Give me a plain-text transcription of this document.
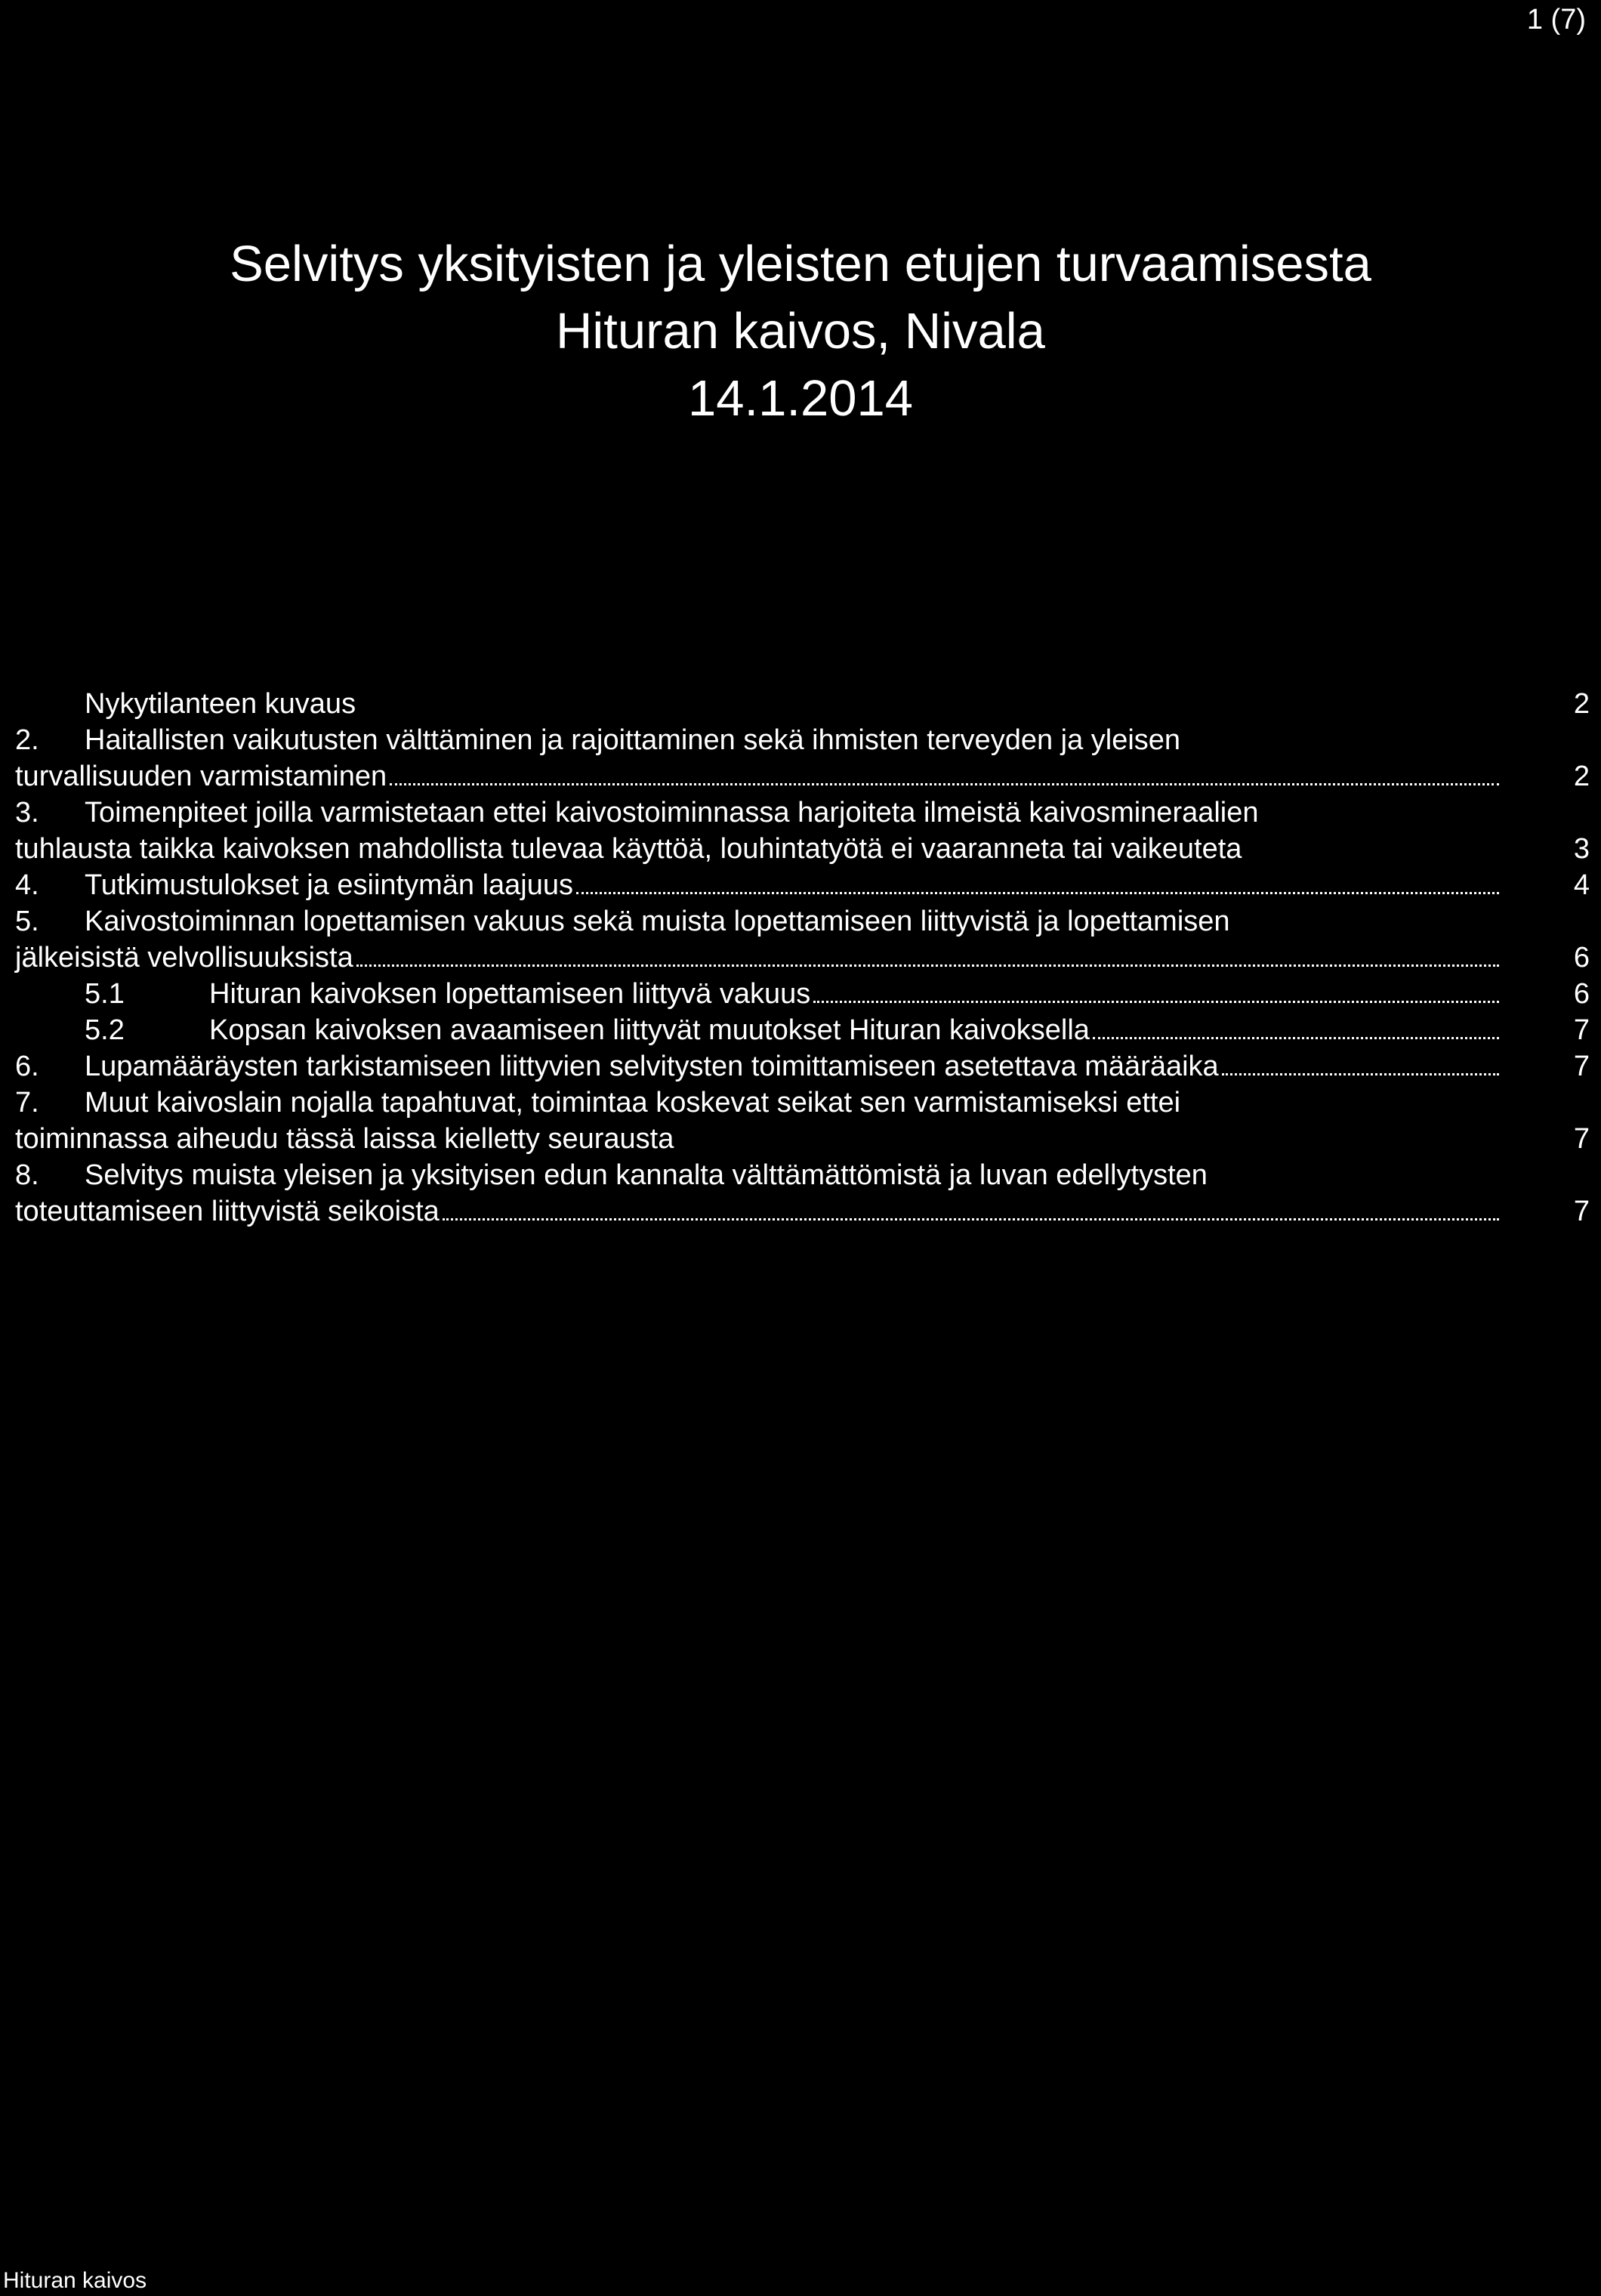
1 (7)
Selvitys yksityisten ja yleisten etujen turvaamisesta
Hituran kaivos, Nivala
14.1.2014
Nykytilanteen kuvaus	2
2.	Haitallisten vaikutusten välttäminen ja rajoittaminen sekä ihmisten terveyden ja yleisen
turvallisuuden varmistaminen	2
3.	Toimenpiteet joilla varmistetaan ettei kaivostoiminnassa harjoiteta ilmeistä kaivosmineraalien
tuhlausta taikka kaivoksen mahdollista tulevaa käyttöä, louhintatyötä ei vaaranneta tai vaikeuteta	3
4.	Tutkimustulokset ja esiintymän laajuus	4
5.	Kaivostoiminnan lopettamisen vakuus sekä muista lopettamiseen liittyvistä ja lopettamisen
jälkeisistä velvollisuuksista	6
5.1	Hituran kaivoksen lopettamiseen liittyvä vakuus	6
5.2	Kopsan kaivoksen avaamiseen liittyvät muutokset Hituran kaivoksella	7
6.	Lupamääräysten tarkistamiseen liittyvien selvitysten toimittamiseen asetettava määräaika	7
7.	Muut kaivoslain nojalla tapahtuvat, toimintaa koskevat seikat sen varmistamiseksi ettei
toiminnassa aiheudu tässä laissa kielletty seurausta	7
8.	Selvitys muista yleisen ja yksityisen edun kannalta välttämättömistä ja luvan edellytysten
toteuttamiseen liittyvistä seikoista	7
Hituran kaivos
